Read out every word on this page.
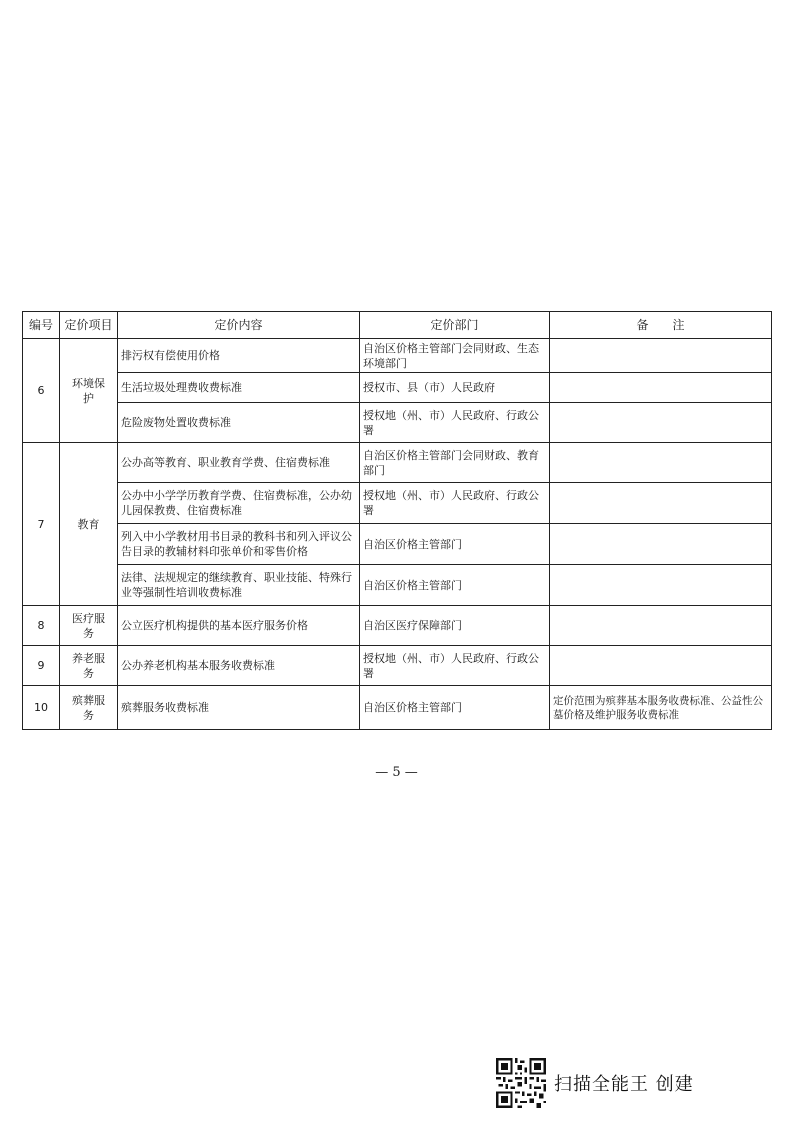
编号	定价项目	定价内容	定价部门	备　　注
6	环境保护	排污权有偿使用价格	自治区价格主管部门会同财政、生态环境部门	
		生活垃圾处理费收费标准	授权市、县（市）人民政府	
		危险废物处置收费标准	授权地（州、市）人民政府、行政公署	
7	教育	公办高等教育、职业教育学费、住宿费标准	自治区价格主管部门会同财政、教育部门	
		公办中小学学历教育学费、住宿费标准，公办幼儿园保教费、住宿费标准	授权地（州、市）人民政府、行政公署	
		列入中小学教材用书目录的教科书和列入评议公告目录的教辅材料印张单价和零售价格	自治区价格主管部门	
		法律、法规规定的继续教育、职业技能、特殊行业等强制性培训收费标准	自治区价格主管部门	
8	医疗服务	公立医疗机构提供的基本医疗服务价格	自治区医疗保障部门	
9	养老服务	公办养老机构基本服务收费标准	授权地（州、市）人民政府、行政公署	
10	殡葬服务	殡葬服务收费标准	自治区价格主管部门	定价范围为殡葬基本服务收费标准、公益性公墓价格及维护服务收费标准
— 5 —
扫描全能王 创建
